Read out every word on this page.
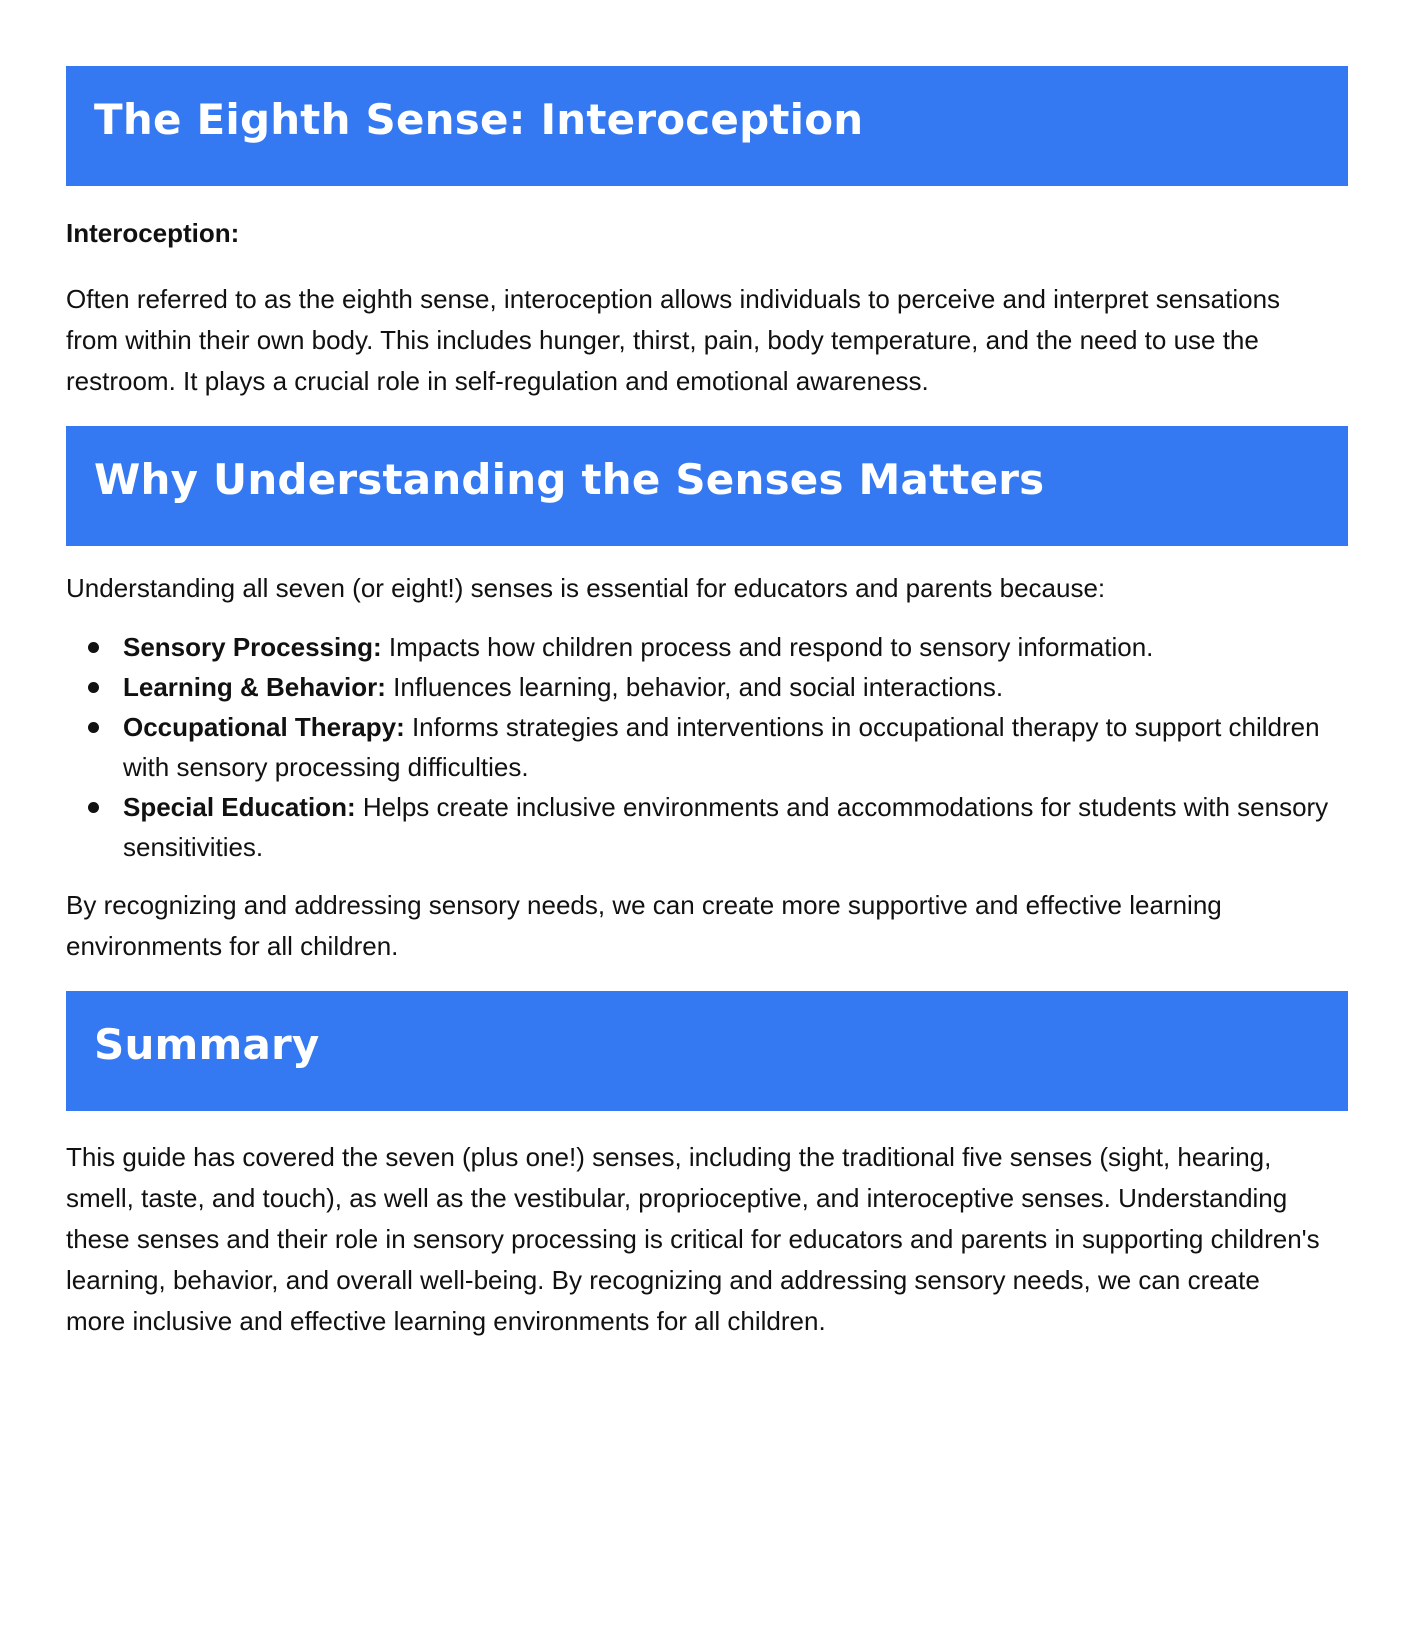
The Eighth Sense: Interoception
Interoception:

Often referred to as the eighth sense, interoception allows individuals to perceive and interpret sensations from within their own body. This includes hunger, thirst, pain, body temperature, and the need to use the restroom. It plays a crucial role in self-regulation and emotional awareness.

Why Understanding the Senses Matters

Understanding all seven (or eight!) senses is essential for educators and parents because:

Sensory Processing: Impacts how children process and respond to sensory information.
Learning & Behavior: Influences learning, behavior, and social interactions.
Occupational Therapy: Informs strategies and interventions in occupational therapy to support children with sensory processing difficulties.
Special Education: Helps create inclusive environments and accommodations for students with sensory sensitivities.

By recognizing and addressing sensory needs, we can create more supportive and effective learning environments for all children.

Summary

This guide has covered the seven (plus one!) senses, including the traditional five senses (sight, hearing, smell, taste, and touch), as well as the vestibular, proprioceptive, and interoceptive senses. Understanding these senses and their role in sensory processing is critical for educators and parents in supporting children's learning, behavior, and overall well-being. By recognizing and addressing sensory needs, we can create more inclusive and effective learning environments for all children.
